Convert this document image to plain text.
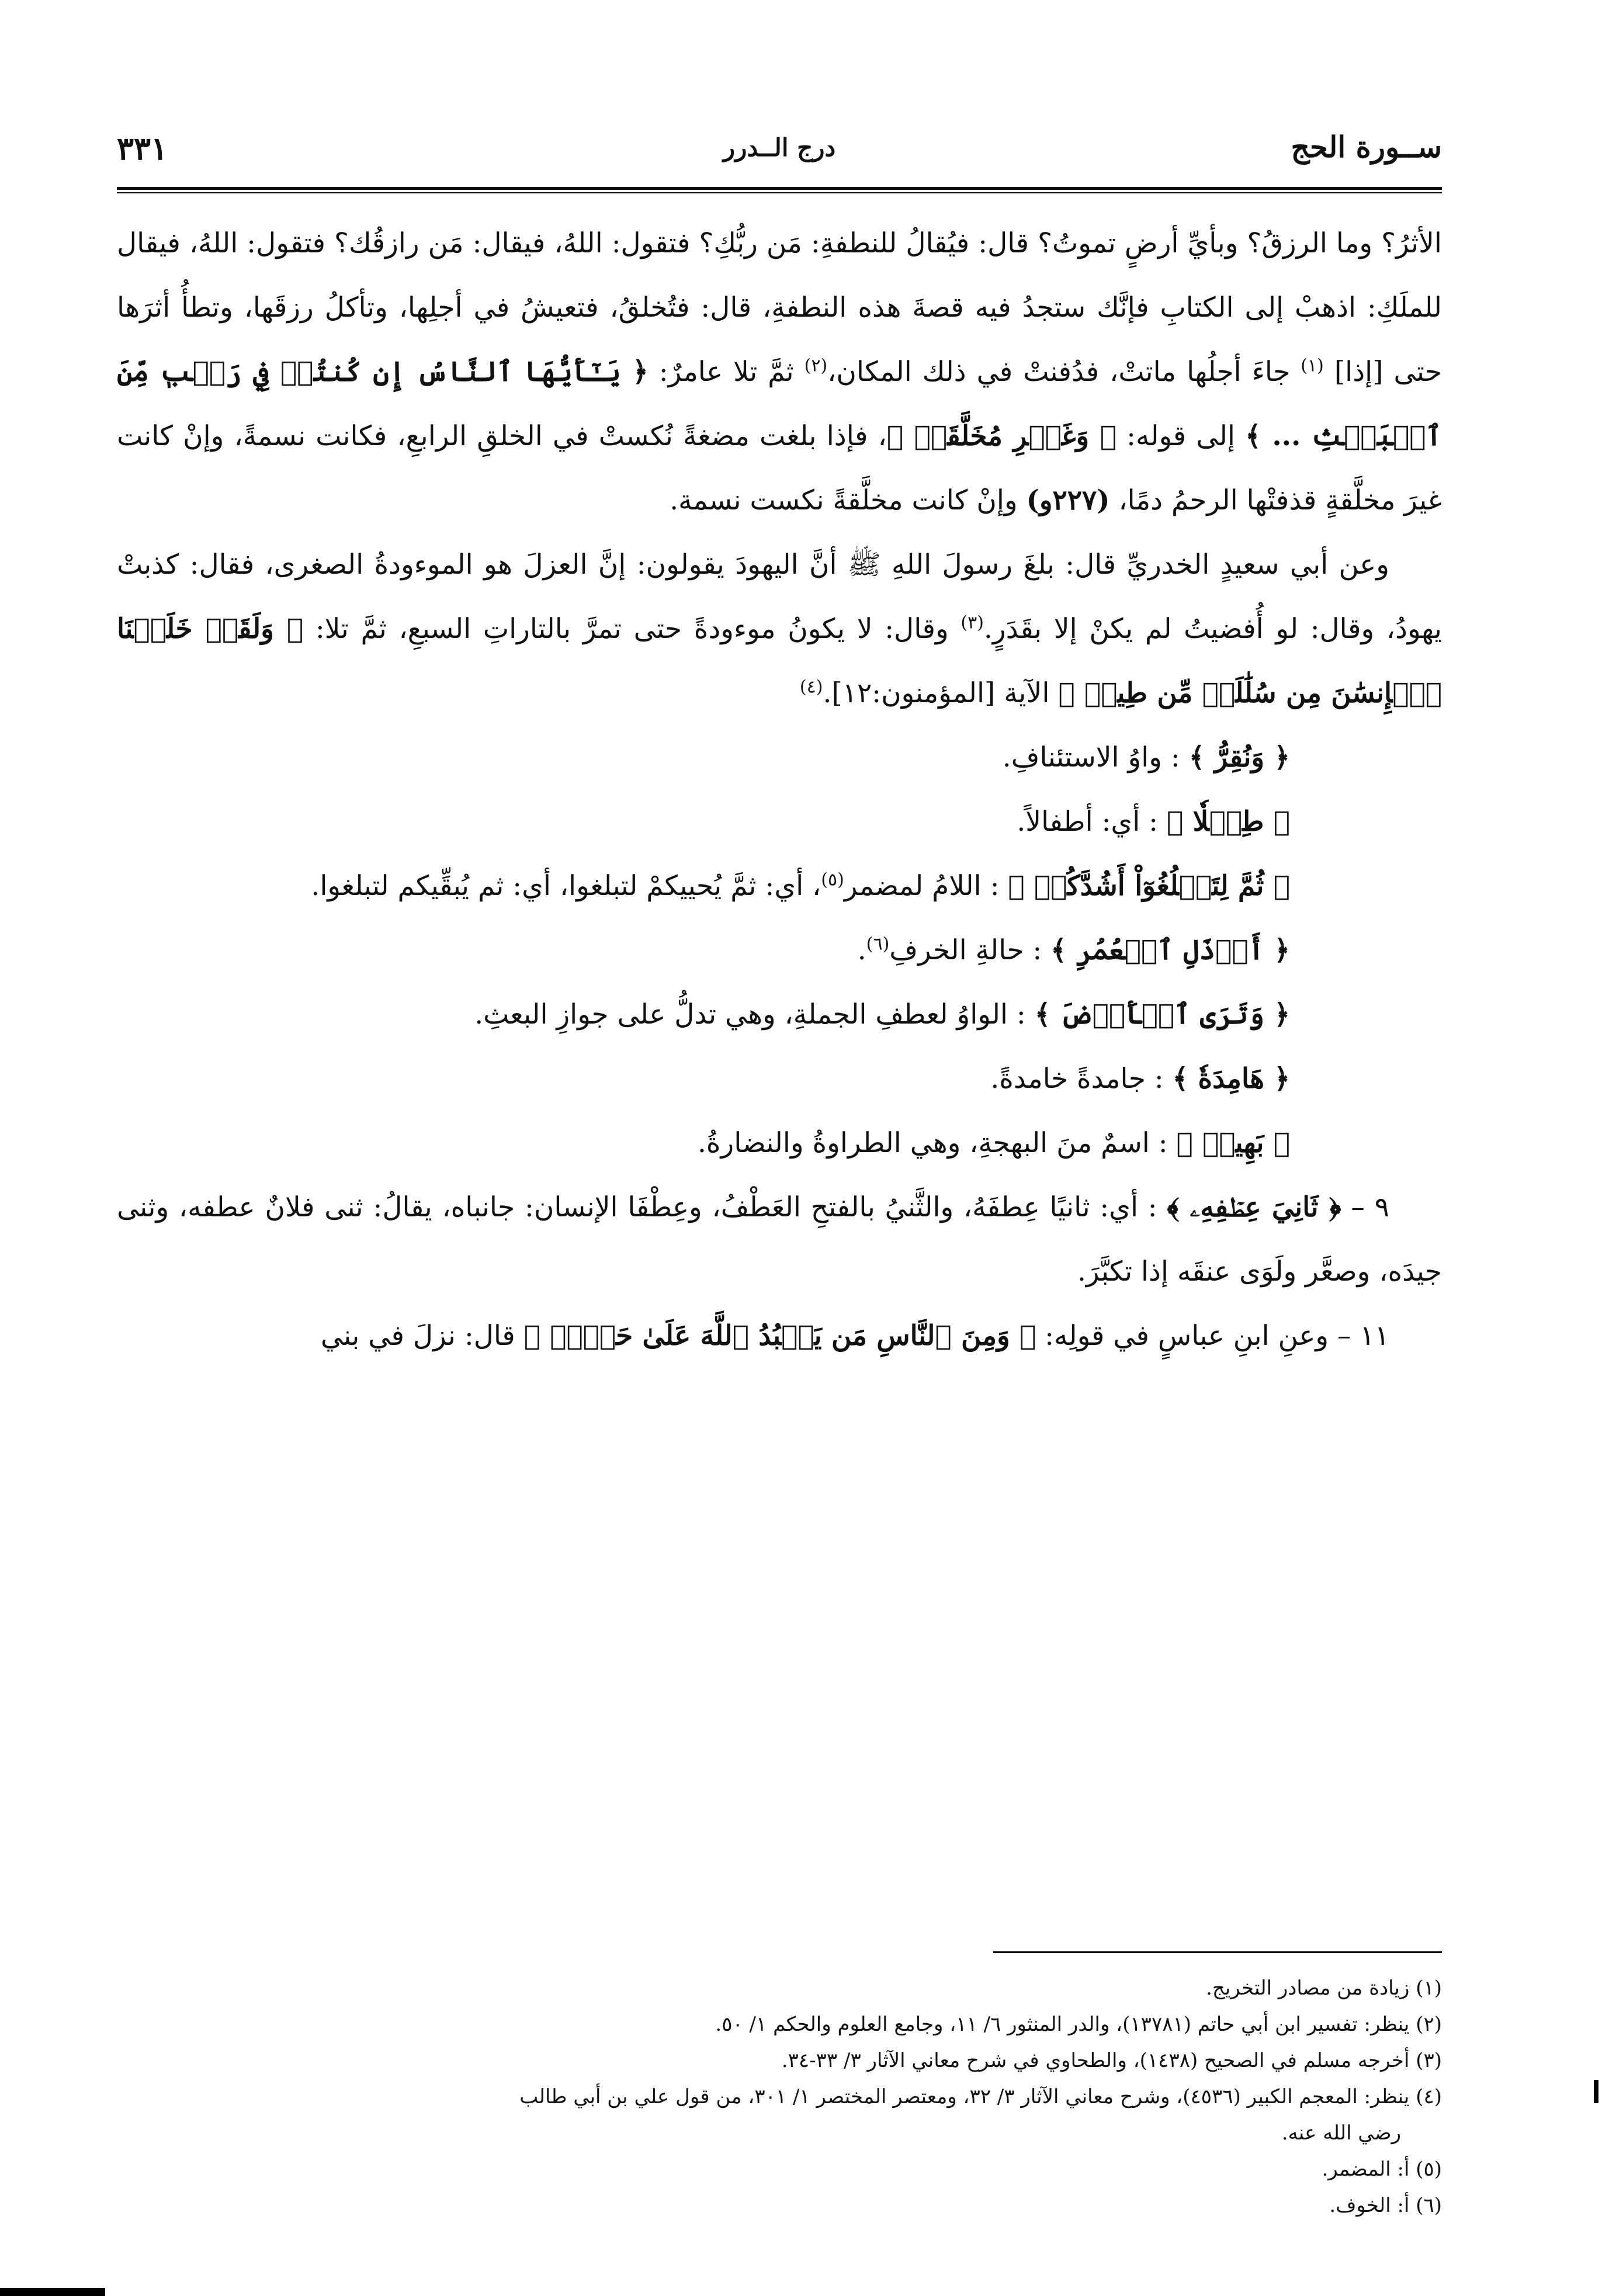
ســورة الحج
درج الــدرر
٣٣١

الأثرُ؟ وما الرزقُ؟ وبأيِّ أرضٍ تموتُ؟ قال: فيُقالُ للنطفةِ: مَن ربُّكِ؟ فتقول: اللهُ، فيقال: مَن رازقُك؟ فتقول: اللهُ، فيقال للملَكِ: اذهبْ إلى الكتابِ فإنَّك ستجدُ فيه قصةَ هذه النطفةِ، قال: فتُخلقُ، فتعيشُ في أجلِها، وتأكلُ رزقَها، وتطأُ أثرَها حتى [إذا] $^{(١)}$ جاءَ أجلُها ماتتْ، فدُفنتْ في ذلك المكان،$^{(٢)}$ ثمَّ تلا عامرٌ: ﴿ يَـٰٓأَيُّهَا ٱلنَّاسُ إِن كُنتُمۡ فِي رَيۡبٖ مِّنَ ٱلۡبَعۡثِ ... ﴾ إلى قوله: ﴿ وَغَيۡرِ مُخَلَّقَةٖ ﴾، فإذا بلغت مضغةً نُكستْ في الخلقِ الرابعِ، فكانت نسمةً، وإنْ كانت غيرَ مخلَّقةٍ قذفتْها الرحمُ دمًا، (٢٢٧و) وإنْ كانت مخلَّقةً نكست نسمة.

وعن أبي سعيدٍ الخدريِّ قال: بلغَ رسولَ اللهِ ﷺ أنَّ اليهودَ يقولون: إنَّ العزلَ هو الموءودةُ الصغرى، فقال: كذبتْ يهودُ، وقال: لو أُفضيتُ لم يكنْ إلا بقَدَرٍ.$^{(٣)}$ وقال: لا يكونُ موءودةً حتى تمرَّ بالتاراتِ السبعِ، ثمَّ تلا: ﴿ وَلَقَدۡ خَلَقۡنَا ٱلۡإِنسَٰنَ مِن سُلَٰلَةٖ مِّن طِينٖ ﴾ الآية [المؤمنون:١٢].$^{(٤)}$

﴿ وَنُقِرُّ ﴾ : واوُ الاستئنافِ.

﴿ طِفۡلٗا ﴾ : أي: أطفالاً.

﴿ ثُمَّ لِتَبۡلُغُوٓاْ أَشُدَّكُمۡ ﴾ : اللامُ لمضمر$^{(٥)}$، أي: ثمَّ يُحييكمْ لتبلغوا، أي: ثم يُبقِّيكم لتبلغوا.

﴿ أَرۡذَلِ ٱلۡعُمُرِ ﴾ : حالةِ الخرفِ$^{(٦)}$.

﴿ وَتَرَى ٱلۡأَرۡضَ ﴾ : الواوُ لعطفِ الجملةِ، وهي تدلُّ على جوازِ البعثِ.

﴿ هَامِدَةٗ ﴾ : جامدةً خامدةً.

﴿ بَهِيجٖ ﴾ : اسمٌ منَ البهجةِ، وهي الطراوةُ والنضارةُ.

٩ – ﴿ ثَانِيَ عِطۡفِهِۦ ﴾ : أي: ثانيًا عِطفَهُ، والثَّنيُ بالفتحِ العَطْفُ، وعِطْفَا الإنسان: جانباه، يقالُ: ثنى فلانٌ عطفه، وثنى جيدَه، وصعَّر ولَوَى عنقَه إذا تكبَّرَ.

١١ – وعنِ ابنِ عباسٍ في قولِه: ﴿ وَمِنَ ٱلنَّاسِ مَن يَعۡبُدُ ٱللَّهَ عَلَىٰ حَرۡفٖ ﴾ قال: نزلَ في بني

(١) زيادة من مصادر التخريج.

(٢) ينظر: تفسير ابن أبي حاتم (١٣٧٨١)، والدر المنثور ٦/ ١١، وجامع العلوم والحكم ١/ ٥٠.

(٣) أخرجه مسلم في الصحيح (١٤٣٨)، والطحاوي في شرح معاني الآثار ٣/ ٣٣-٣٤.

(٤) ينظر: المعجم الكبير (٤٥٣٦)، وشرح معاني الآثار ٣/ ٣٢، ومعتصر المختصر ١/ ٣٠١، من قول علي بن أبي طالب

رضي الله عنه.

(٥) أ: المضمر.

(٦) أ: الخوف.
